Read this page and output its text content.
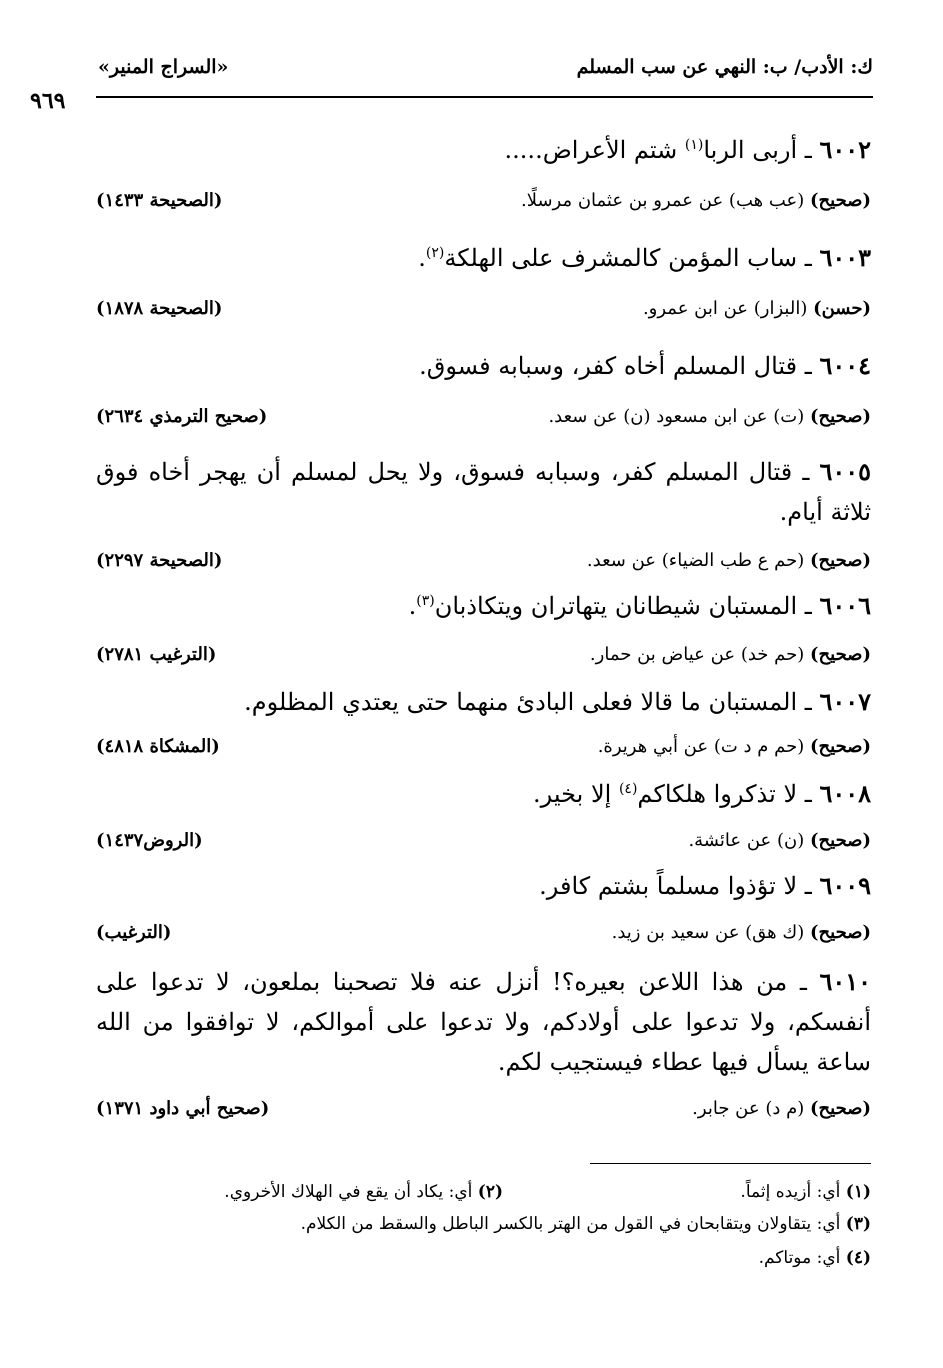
ك: الأدب/ ب: النهي عن سب المسلم
«السراج المنير»
٩٦٩
٦٠٠٢ ـ أربى الربا$^{(١)}$ شتم الأعراض.....
(صحيح) (عب هب) عن عمرو بن عثمان مرسلًا.
(الصحيحة ١٤٣٣)
٦٠٠٣ ـ ساب المؤمن كالمشرف على الهلكة$^{(٢)}$.
(حسن) (البزار) عن ابن عمرو.
(الصحيحة ١٨٧٨)
٦٠٠٤ ـ قتال المسلم أخاه كفر، وسبابه فسوق.
(صحيح) (ت) عن ابن مسعود (ن) عن سعد.
(صحيح الترمذي ٢٦٣٤)
٦٠٠٥ ـ قتال المسلم كفر، وسبابه فسوق، ولا يحل لمسلم أن يهجر أخاه فوق ثلاثة أيام.
(صحيح) (حم ع طب الضياء) عن سعد.
(الصحيحة ٢٢٩٧)
٦٠٠٦ ـ المستبان شيطانان يتهاتران ويتكاذبان$^{(٣)}$.
(صحيح) (حم خد) عن عياض بن حمار.
(الترغيب ٢٧٨١)
٦٠٠٧ ـ المستبان ما قالا فعلى البادئ منهما حتى يعتدي المظلوم.
(صحيح) (حم م د ت) عن أبي هريرة.
(المشكاة ٤٨١٨)
٦٠٠٨ ـ لا تذكروا هلكاكم$^{(٤)}$ إلا بخير.
(صحيح) (ن) عن عائشة.
(الروض١٤٣٧)
٦٠٠٩ ـ لا تؤذوا مسلماً بشتم كافر.
(صحيح) (ك هق) عن سعيد بن زيد.
(الترغيب)
٦٠١٠ ـ من هذا اللاعن بعيره؟! أنزل عنه فلا تصحبنا بملعون، لا تدعوا على أنفسكم، ولا تدعوا على أولادكم، ولا تدعوا على أموالكم، لا توافقوا من الله ساعة يسأل فيها عطاء فيستجيب لكم.
(صحيح) (م د) عن جابر.
(صحيح أبي داود ١٣٧١)
(١) أي: أزيده إثماً.
(٢) أي: يكاد أن يقع في الهلاك الأخروي.
(٣) أي: يتقاولان ويتقابحان في القول من الهتر بالكسر الباطل والسقط من الكلام.
(٤) أي: موتاكم.
